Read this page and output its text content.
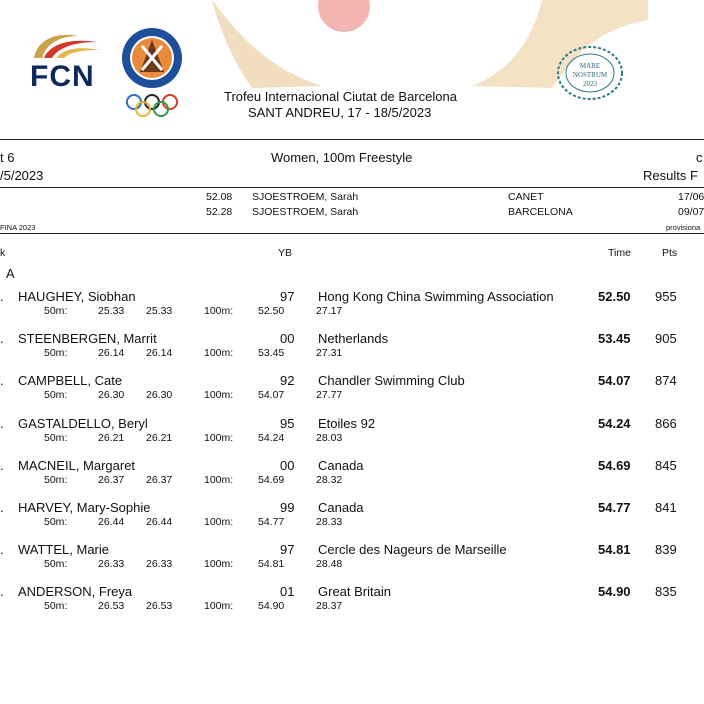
FCN
Trofeu Internacional Ciutat de Barcelona
SANT ANDREU, 17 - 18/5/2023
MARE NOSTRUM 2023
t 6
/5/2023
Women, 100m Freestyle	c
Results F
52.08 SJOESTROEM, Sarah	CANET	17/06
52.28 SJOESTROEM, Sarah	BARCELONA	09/07
FINA 2023	provisiona
k	YB	Time	Pts
A
. HAUGHEY, Siobhan	97 Hong Kong China Swimming Association	52.50 955
50m:	25.33 25.33	100m: 52.50	27.17
. STEENBERGEN, Marrit	00 Netherlands	53.45 905
50m:	26.14 26.14	100m: 53.45	27.31
. CAMPBELL, Cate	92 Chandler Swimming Club	54.07 874
50m:	26.30 26.30	100m: 54.07	27.77
. GASTALDELLO, Beryl	95 Etoiles 92	54.24 866
50m:	26.21 26.21	100m: 54.24	28.03
. MACNEIL, Margaret	00 Canada	54.69 845
50m:	26.37 26.37	100m: 54.69	28.32
. HARVEY, Mary-Sophie	99 Canada	54.77 841
50m:	26.44 26.44	100m: 54.77	28.33
. WATTEL, Marie	97 Cercle des Nageurs de Marseille	54.81 839
50m:	26.33 26.33	100m: 54.81	28.48
. ANDERSON, Freya	01 Great Britain	54.90 835
50m:	26.53 26.53	100m: 54.90	28.37
